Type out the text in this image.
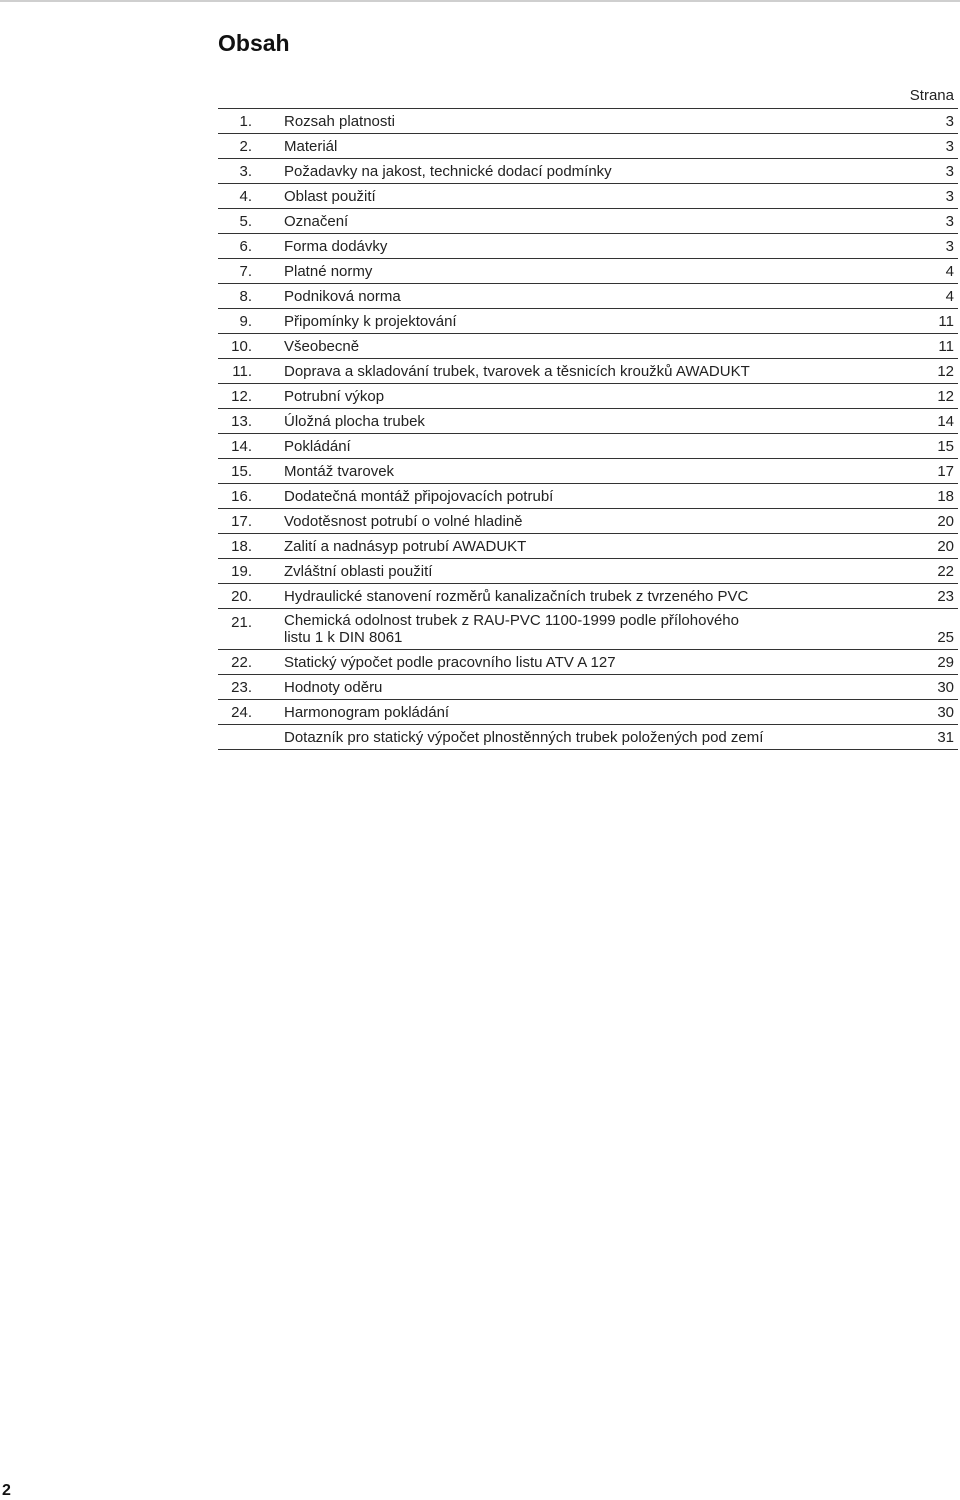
Obsah
Strana
1. Rozsah platnosti	3
2. Materiál	3
3. Požadavky na jakost, technické dodací podmínky	3
4. Oblast použití	3
5. Označení	3
6. Forma dodávky	3
7. Platné normy	4
8. Podniková norma	4
9. Připomínky k projektování	11
10. Všeobecně	11
11. Doprava a skladování trubek, tvarovek a těsnicích kroužků AWADUKT	12
12. Potrubní výkop	12
13. Úložná plocha trubek	14
14. Pokládání	15
15. Montáž tvarovek	17
16. Dodatečná montáž připojovacích potrubí	18
17. Vodotěsnost potrubí o volné hladině	20
18. Zalití a nadnásyp potrubí AWADUKT	20
19. Zvláštní oblasti použití	22
20. Hydraulické stanovení rozměrů kanalizačních trubek z tvrzeného PVC	23
21. Chemická odolnost trubek z RAU-PVC 1100-1999 podle přílohového
listu 1 k DIN 8061	25
22. Statický výpočet podle pracovního listu ATV A 127	29
23. Hodnoty oděru	30
24. Harmonogram pokládání	30
Dotazník pro statický výpočet plnostěnných trubek položených pod zemí	31
2
